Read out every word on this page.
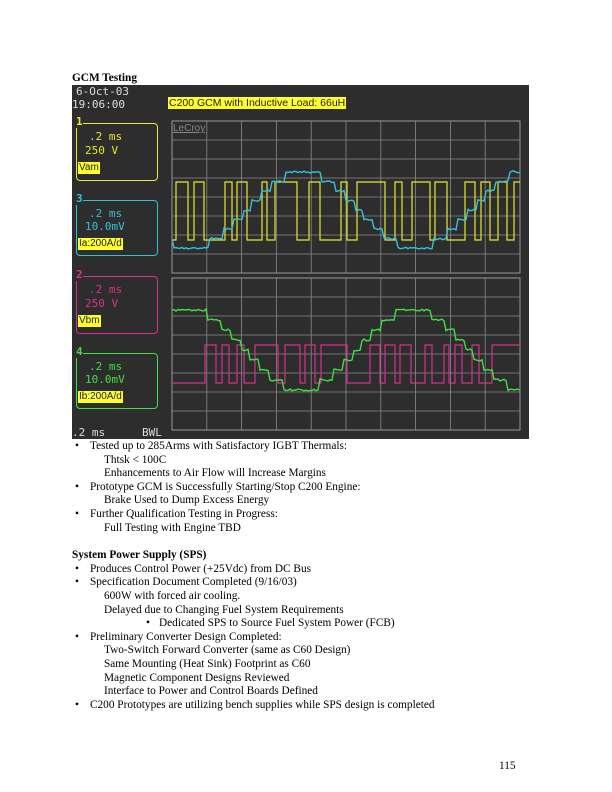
GCM Testing
6-Oct-03
19:06:00	C200 GCM with Inductive Load: 66uH
LeCroy
1
.2 ms
250 V
Vam
3
.2 ms
10.0mV
Ia:200A/d
2
.2 ms
250 V
Vbm
4
.2 ms
10.0mV
Ib:200A/d
.2 ms	BWL
• Tested up to 285Arms with Satisfactory IGBT Thermals:
Thtsk < 100C
Enhancements to Air Flow will Increase Margins
• Prototype GCM is Successfully Starting/Stop C200 Engine:
Brake Used to Dump Excess Energy
• Further Qualification Testing in Progress:
Full Testing with Engine TBD
System Power Supply (SPS)
• Produces Control Power (+25Vdc) from DC Bus
• Specification Document Completed (9/16/03)
600W with forced air cooling.
Delayed due to Changing Fuel System Requirements
• Dedicated SPS to Source Fuel System Power (FCB)
• Preliminary Converter Design Completed:
Two-Switch Forward Converter (same as C60 Design)
Same Mounting (Heat Sink) Footprint as C60
Magnetic Component Designs Reviewed
Interface to Power and Control Boards Defined
• C200 Prototypes are utilizing bench supplies while SPS design is completed
115
